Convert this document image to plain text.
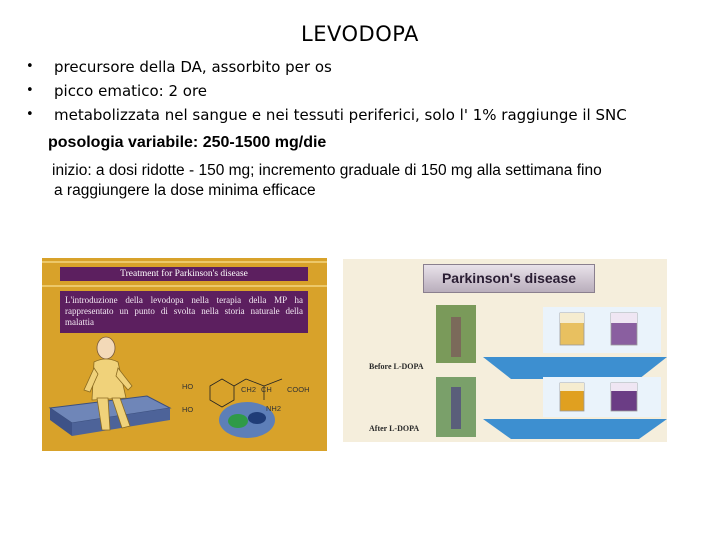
LEVODOPA
• precursore della DA, assorbito per os
• picco ematico: 2 ore
• metabolizzata nel sangue e nei tessuti periferici, solo l' 1% raggiunge il SNC
posologia variabile: 250-1500 mg/die
inizio: a dosi ridotte - 150 mg; incremento graduale di 150 mg alla settimana fino
a raggiungere la dose minima efficace
Treatment for Parkinson's disease
L'introduzione della levodopa nella terapia della MP ha rappresentato un punto di svolta nella storia naturale della malattia
HO
HO
CH2 CH COOH
NH2
Parkinson's disease
Before L-DOPA
After L-DOPA
